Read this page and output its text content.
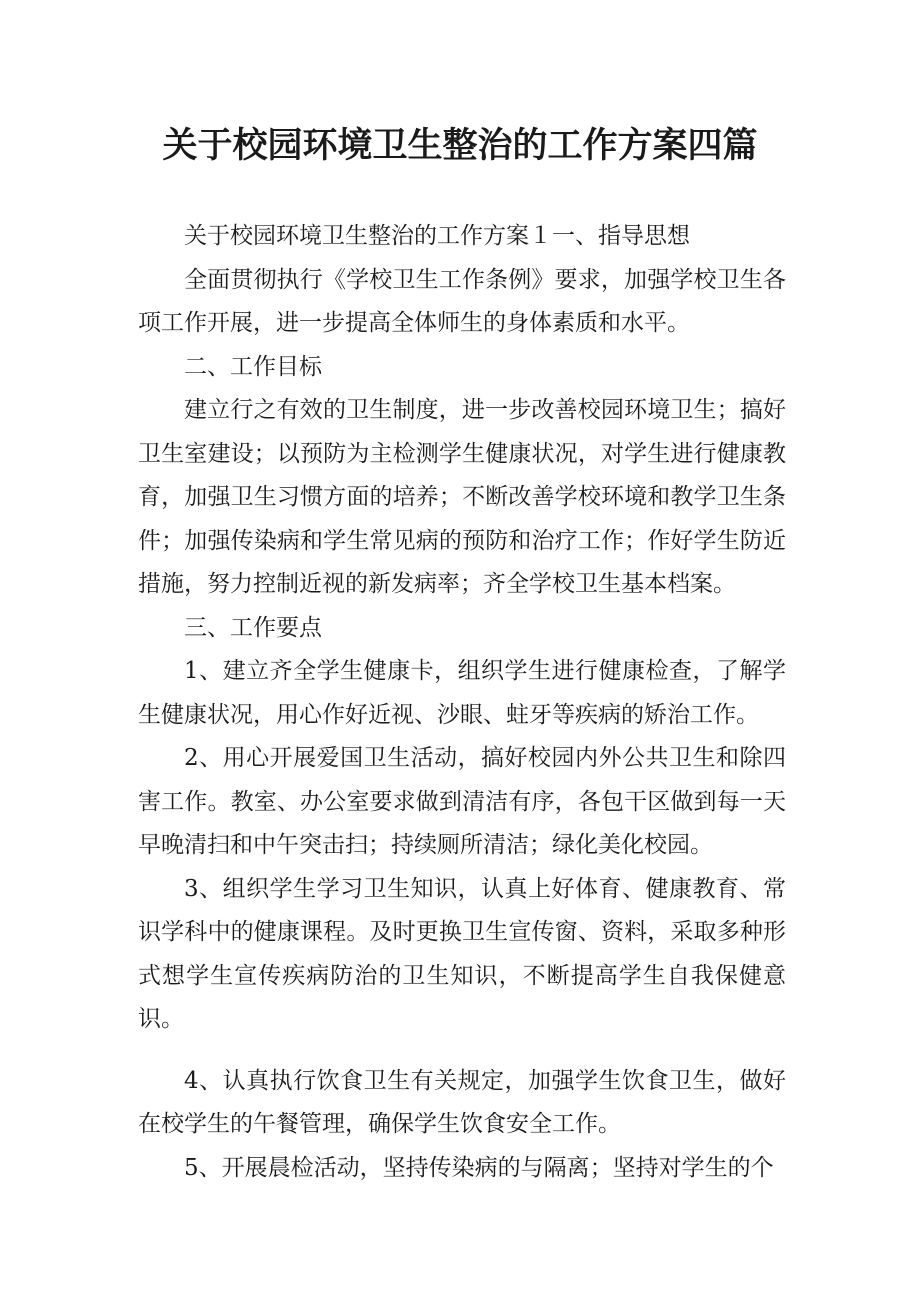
关于校园环境卫生整治的工作方案四篇

关于校园环境卫生整治的工作方案１一、指导思想

全面贯彻执行《学校卫生工作条例》要求，加强学校卫生各项工作开展，进一步提高全体师生的身体素质和水平。

二、工作目标

建立行之有效的卫生制度，进一步改善校园环境卫生；搞好卫生室建设；以预防为主检测学生健康状况，对学生进行健康教育，加强卫生习惯方面的培养；不断改善学校环境和教学卫生条件；加强传染病和学生常见病的预防和治疗工作；作好学生防近措施，努力控制近视的新发病率；齐全学校卫生基本档案。

三、工作要点

1、建立齐全学生健康卡，组织学生进行健康检查，了解学生健康状况，用心作好近视、沙眼、蛀牙等疾病的矫治工作。

2、用心开展爱国卫生活动，搞好校园内外公共卫生和除四害工作。教室、办公室要求做到清洁有序，各包干区做到每一天早晚清扫和中午突击扫；持续厕所清洁；绿化美化校园。

3、组织学生学习卫生知识，认真上好体育、健康教育、常识学科中的健康课程。及时更换卫生宣传窗、资料，采取多种形式想学生宣传疾病防治的卫生知识，不断提高学生自我保健意识。

4、认真执行饮食卫生有关规定，加强学生饮食卫生，做好在校学生的午餐管理，确保学生饮食安全工作。

5、开展晨检活动，坚持传染病的与隔离；坚持对学生的个
